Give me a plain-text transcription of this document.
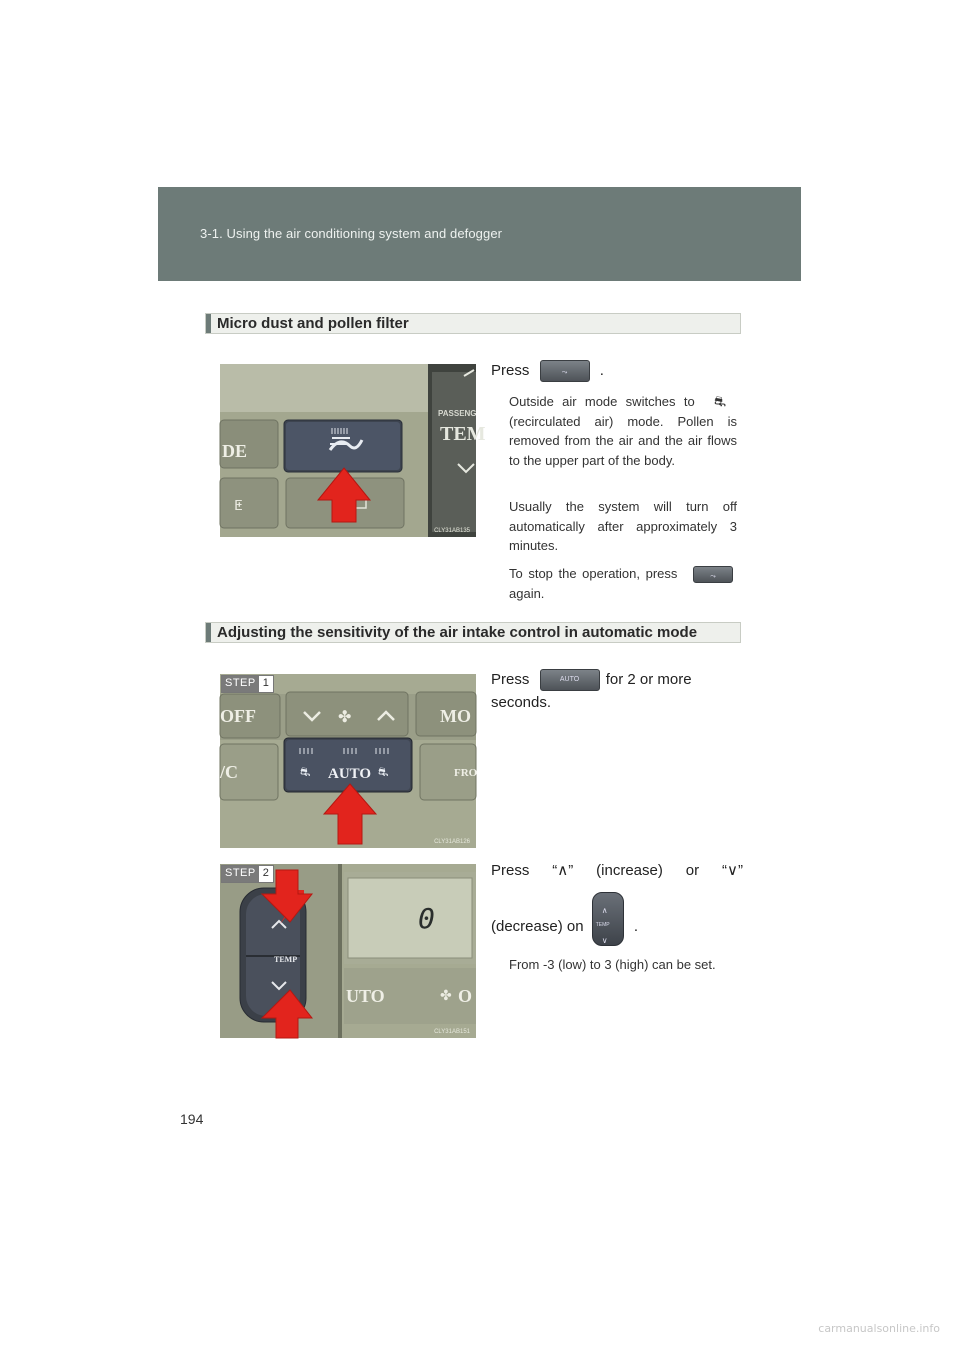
3-1. Using the air conditioning system and defogger
Micro dust and pollen filter
DE
ⵟ
PASSENG
TEM
CLY31AB135
Press	⤳ .
Outside air mode switches to ⛐ (recirculated air) mode. Pollen is removed from the air and the air flows to the upper part of the body.
Usually the system will turn off automatically after approximately 3 minutes.
To stop the operation, press	⤳ again.
Adjusting the sensitivity of the air intake control in automatic mode
OFF	✤	MO
/C	AUTO
⛐	⛐	FRO
CLY31AB126
STEP 1	Press	AUTO for 2 or more seconds.
TEMP
0
UTO	✤ O
CLY31AB151
STEP 2	Press “∧” (increase) or “∨”
(decrease) on
∧
TEMP
∨
.
From -3 (low) to 3 (high) can be set.
194
carmanualsonline.info
